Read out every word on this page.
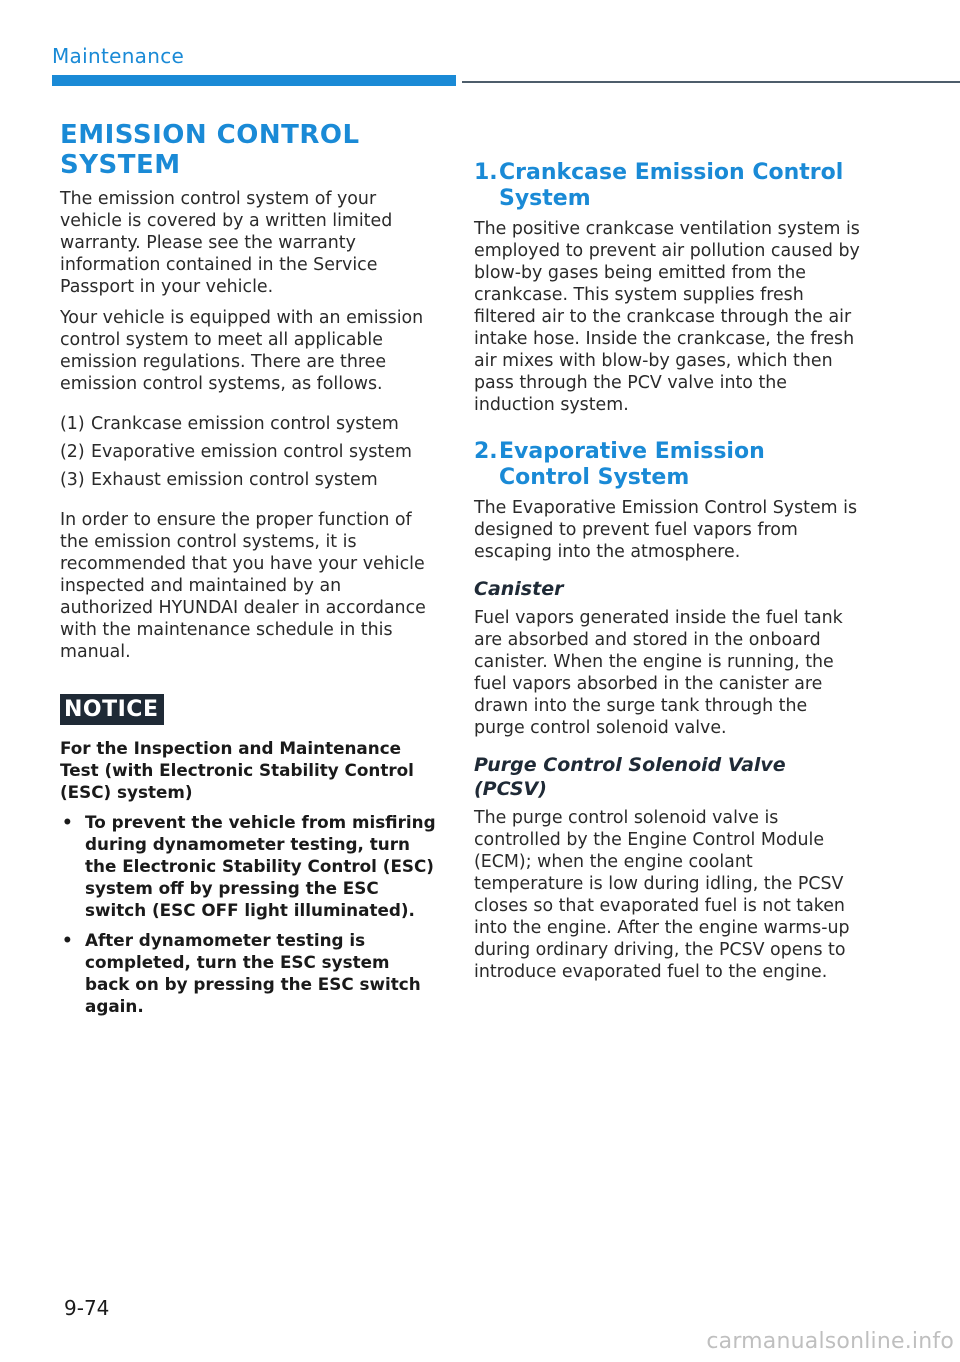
Maintenance
EMISSION CONTROL SYSTEM

The emission control system of your vehicle is covered by a written limited warranty. Please see the warranty information contained in the Service Passport in your vehicle.

Your vehicle is equipped with an emission control system to meet all applicable emission regulations. There are three emission control systems, as follows.

(1) Crankcase emission control system
(2) Evaporative emission control system
(3) Exhaust emission control system

In order to ensure the proper function of the emission control systems, it is recommended that you have your vehicle inspected and maintained by an authorized HYUNDAI dealer in accordance with the maintenance schedule in this manual.

NOTICE

For the Inspection and Maintenance Test (with Electronic Stability Control (ESC) system)

• To prevent the vehicle from misfiring during dynamometer testing, turn the Electronic Stability Control (ESC) system off by pressing the ESC switch (ESC OFF light illuminated).
• After dynamometer testing is completed, turn the ESC system back on by pressing the ESC switch again.
1. Crankcase Emission Control System

The positive crankcase ventilation system is employed to prevent air pollution caused by blow-by gases being emitted from the crankcase. This system supplies fresh filtered air to the crankcase through the air intake hose. Inside the crankcase, the fresh air mixes with blow-by gases, which then pass through the PCV valve into the induction system.

2. Evaporative Emission Control System

The Evaporative Emission Control System is designed to prevent fuel vapors from escaping into the atmosphere.

Canister

Fuel vapors generated inside the fuel tank are absorbed and stored in the onboard canister. When the engine is running, the fuel vapors absorbed in the canister are drawn into the surge tank through the purge control solenoid valve.

Purge Control Solenoid Valve (PCSV)

The purge control solenoid valve is controlled by the Engine Control Module (ECM); when the engine coolant temperature is low during idling, the PCSV closes so that evaporated fuel is not taken into the engine. After the engine warms-up during ordinary driving, the PCSV opens to introduce evaporated fuel to the engine.

9-74
carmanualsonline.info
